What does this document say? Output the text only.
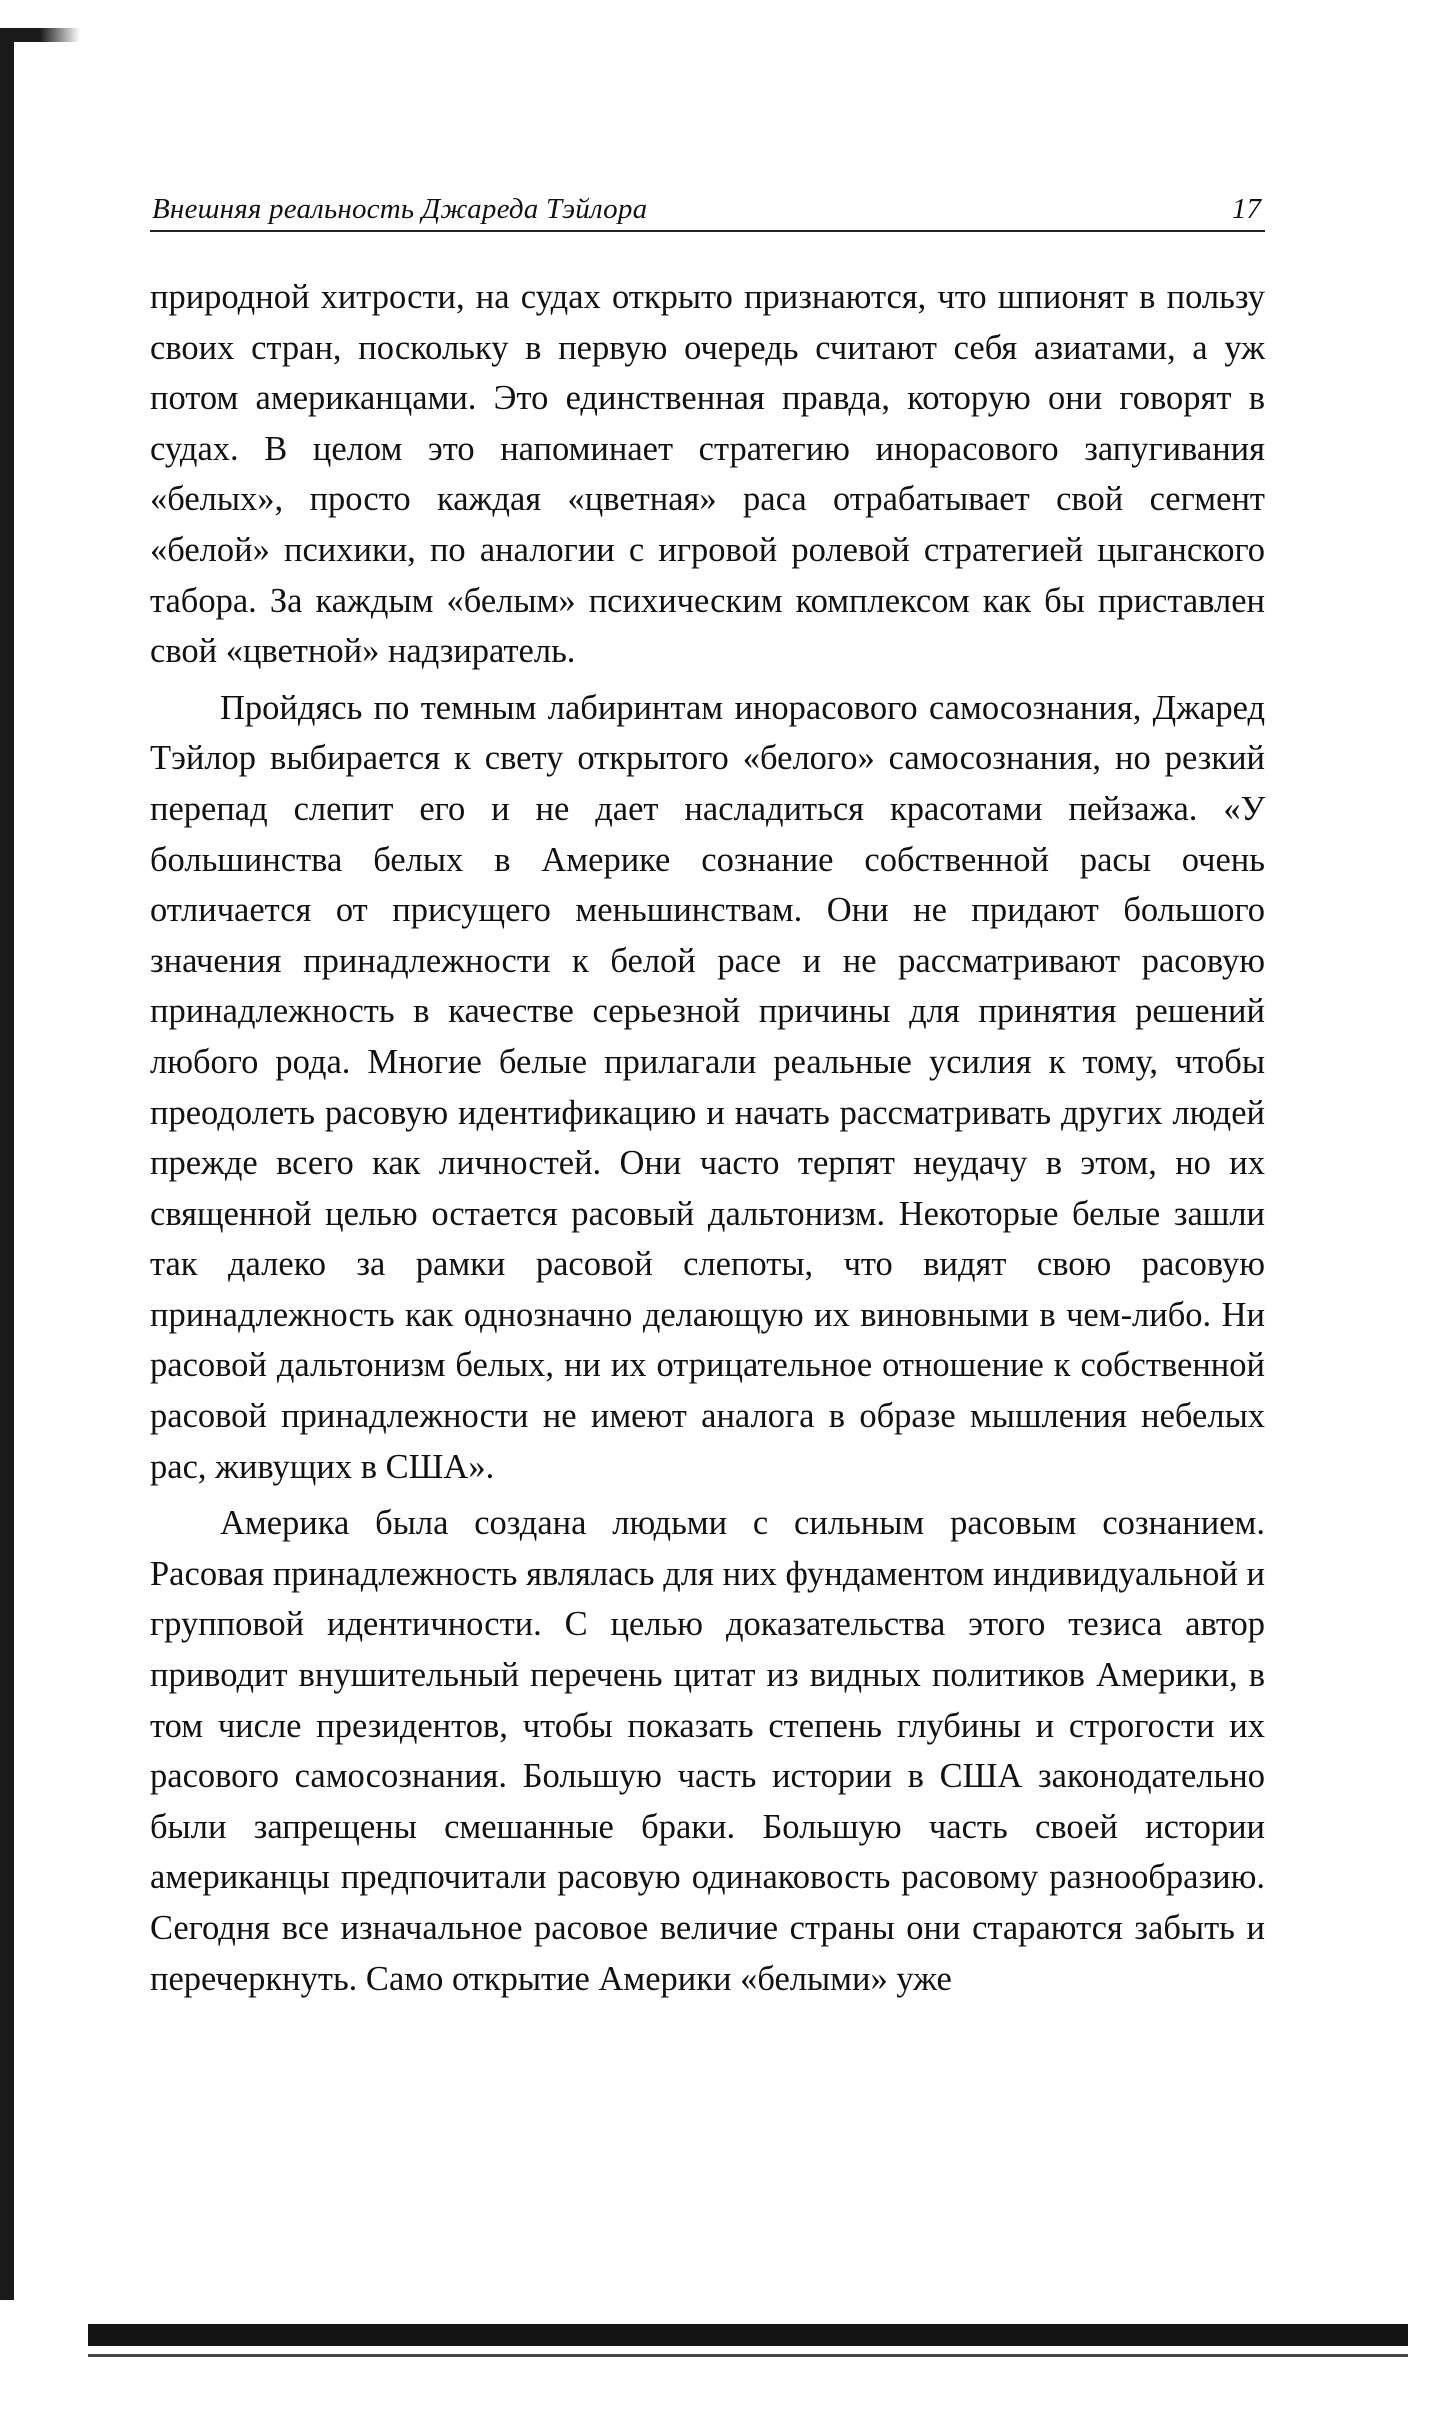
Внешняя реальность Джареда Тэйлора	17

природной хитрости, на судах открыто признаются, что шпионят в пользу своих стран, поскольку в первую очередь считают себя азиатами, а уж потом американцами. Это единственная правда, которую они говорят в судах. В целом это напоминает стратегию инорасового запугивания «белых», просто каждая «цветная» раса отрабатывает свой сегмент «белой» психики, по аналогии с игровой ролевой стратегией цыганского табора. За каждым «белым» психическим комплексом как бы приставлен свой «цветной» надзиратель.

Пройдясь по темным лабиринтам инорасового самосознания, Джаред Тэйлор выбирается к свету открытого «белого» самосознания, но резкий перепад слепит его и не дает насладиться красотами пейзажа. «У большинства белых в Америке сознание собственной расы очень отличается от присущего меньшинствам. Они не придают большого значения принадлежности к белой расе и не рассматривают расовую принадлежность в качестве серьезной причины для принятия решений любого рода. Многие белые прилагали реальные усилия к тому, чтобы преодолеть расовую идентификацию и начать рассматривать других людей прежде всего как личностей. Они часто терпят неудачу в этом, но их священной целью остается расовый дальтонизм. Некоторые белые зашли так далеко за рамки расовой слепоты, что видят свою расовую принадлежность как однозначно делающую их виновными в чем-либо. Ни расовой дальтонизм белых, ни их отрицательное отношение к собственной расовой принадлежности не имеют аналога в образе мышления небелых рас, живущих в США».

Америка была создана людьми с сильным расовым сознанием. Расовая принадлежность являлась для них фундаментом индивидуальной и групповой идентичности. С целью доказательства этого тезиса автор приводит внушительный перечень цитат из видных политиков Америки, в том числе президентов, чтобы показать степень глубины и строгости их расового самосознания. Большую часть истории в США законодательно были запрещены смешанные браки. Большую часть своей истории американцы предпочитали расовую одинаковость расовому разнообразию. Сегодня все изначальное расовое величие страны они стараются забыть и перечеркнуть. Само открытие Америки «белыми» уже
